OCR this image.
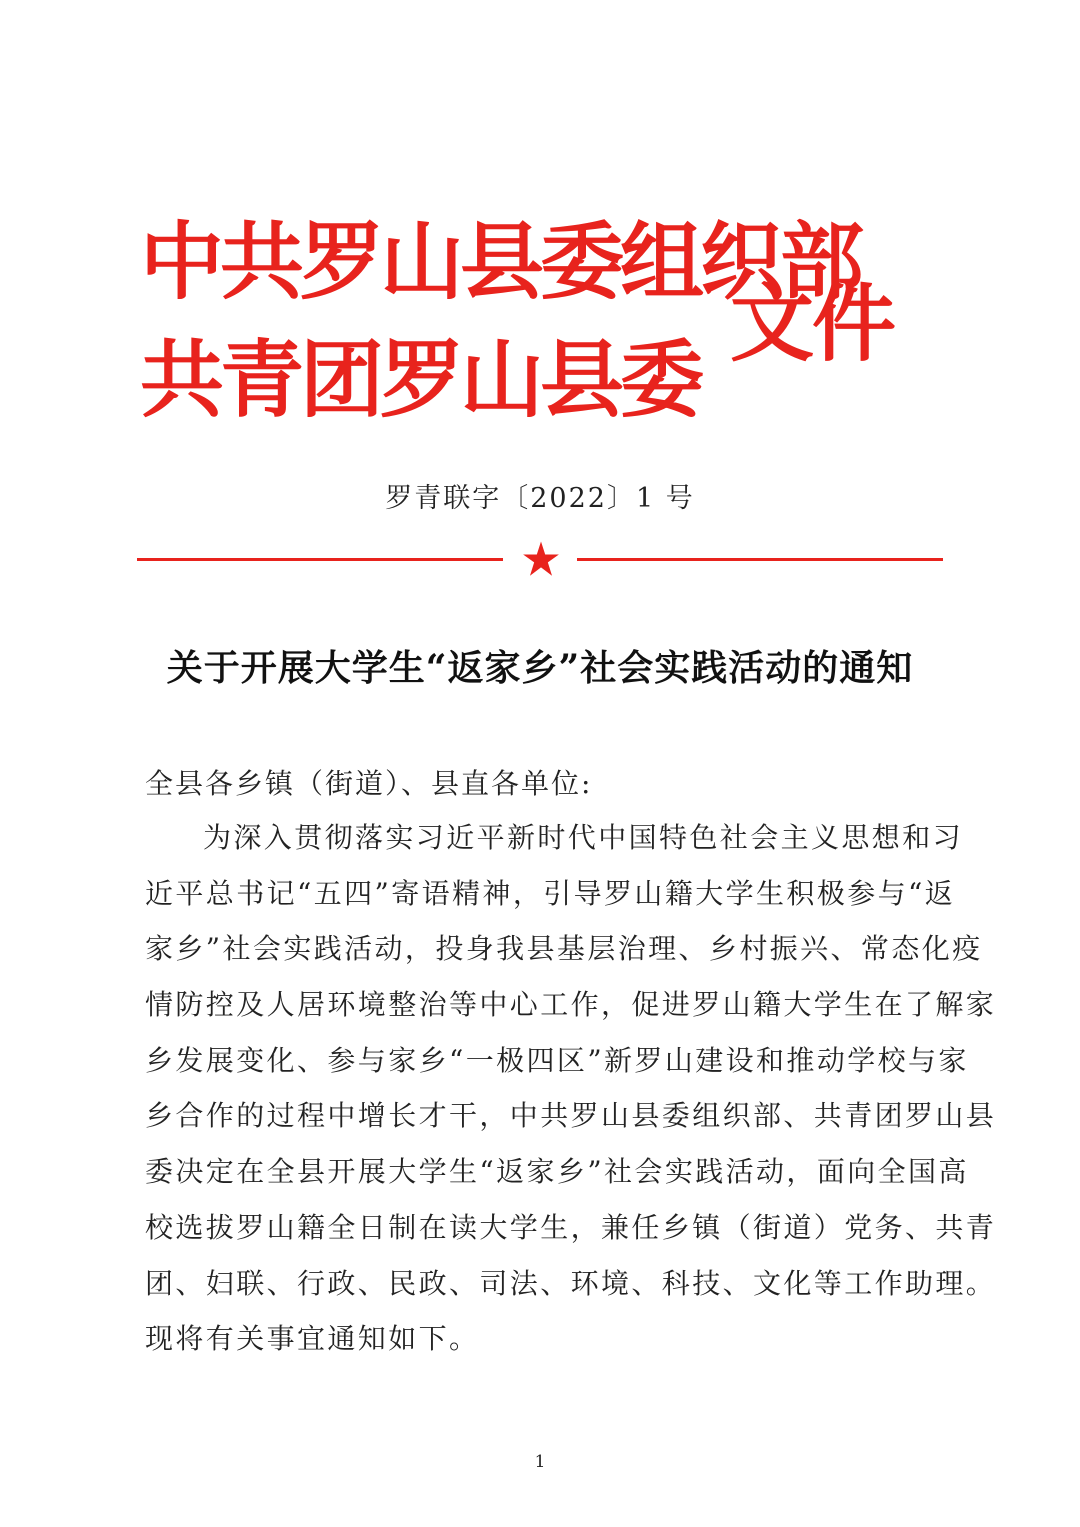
中共罗山县委组织部
共青团罗山县委
文件
罗青联字〔2022〕1 号
关于开展大学生“返家乡”社会实践活动的通知
全县各乡镇（街道）、县直各单位:
为深入贯彻落实习近平新时代中国特色社会主义思想和习
近平总书记“五四”寄语精神，引导罗山籍大学生积极参与“返
家乡”社会实践活动，投身我县基层治理、乡村振兴、常态化疫
情防控及人居环境整治等中心工作，促进罗山籍大学生在了解家
乡发展变化、参与家乡“一极四区”新罗山建设和推动学校与家
乡合作的过程中增长才干，中共罗山县委组织部、共青团罗山县
委决定在全县开展大学生“返家乡”社会实践活动，面向全国高
校选拔罗山籍全日制在读大学生，兼任乡镇（街道）党务、共青
团、妇联、行政、民政、司法、环境、科技、文化等工作助理。
现将有关事宜通知如下。
1
